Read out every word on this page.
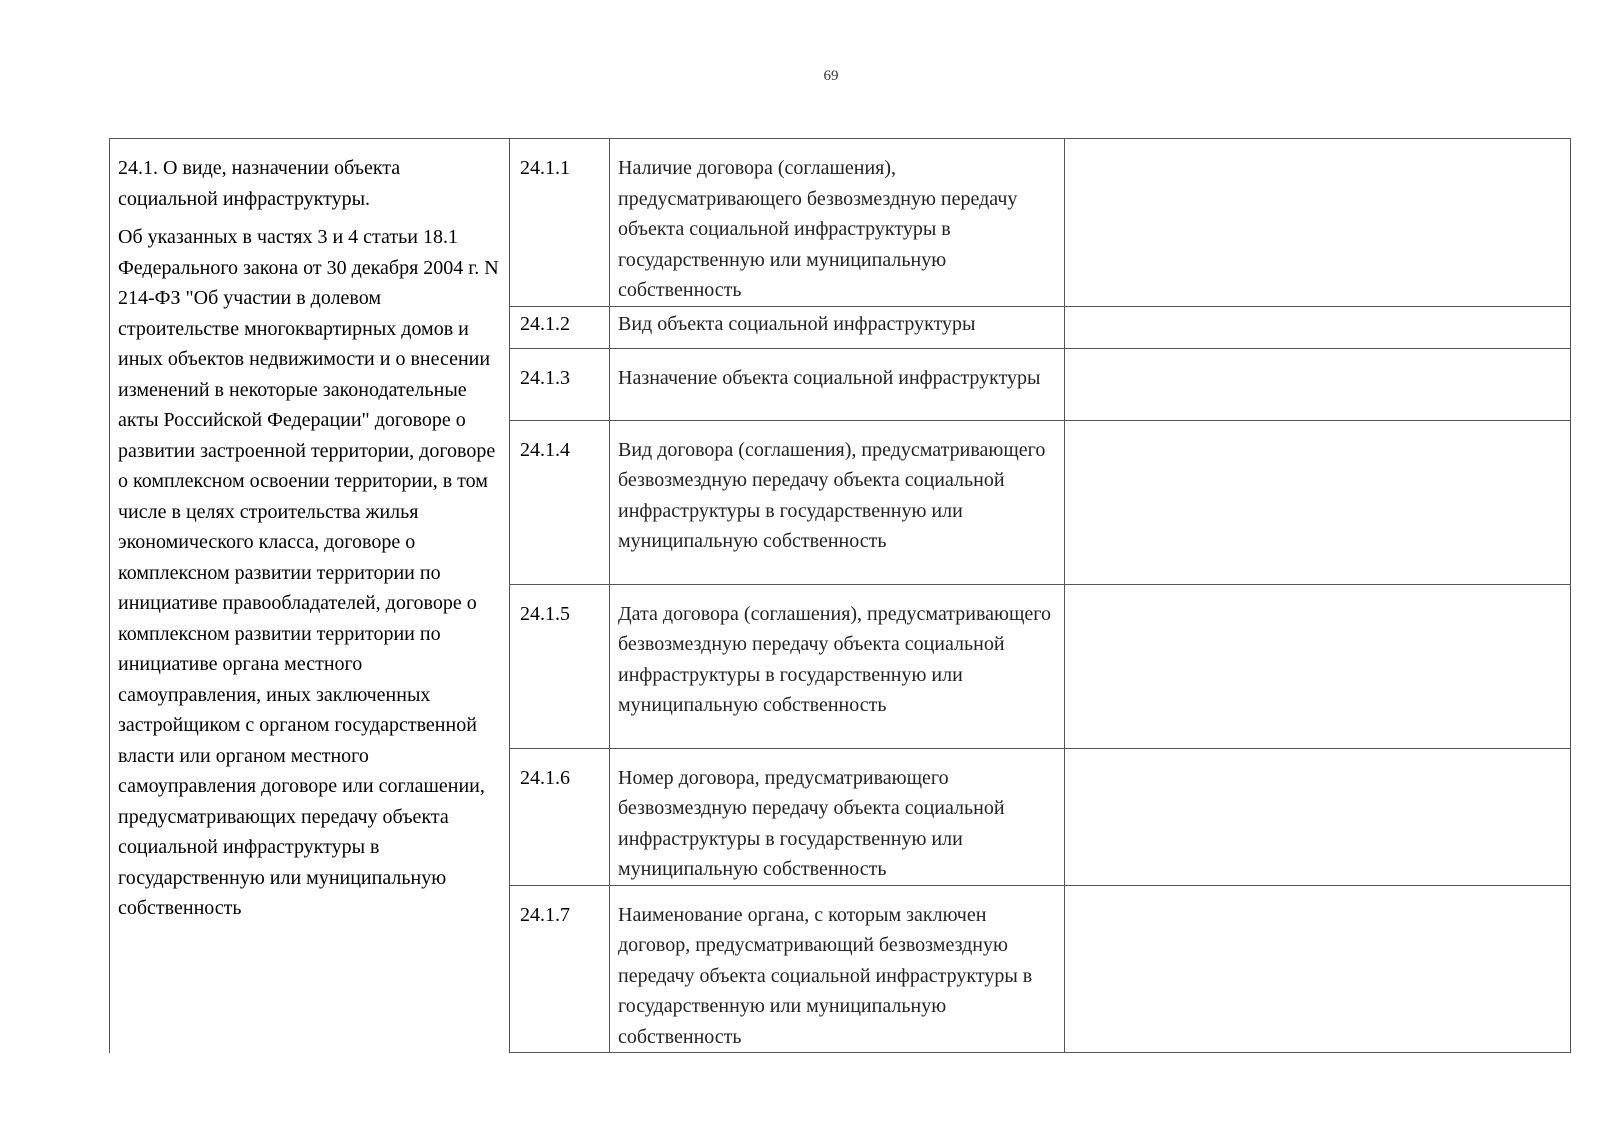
69

24.1. О виде, назначении объекта социальной инфраструктуры.

Об указанных в частях 3 и 4 статьи 18.1 Федерального закона от 30 декабря 2004 г. N 214-ФЗ "Об участии в долевом строительстве многоквартирных домов и иных объектов недвижимости и о внесении изменений в некоторые законодательные акты Российской Федерации" договоре о развитии застроенной территории, договоре о комплексном освоении территории, в том числе в целях строительства жилья экономического класса, договоре о комплексном развитии территории по инициативе правообладателей, договоре о комплексном развитии территории по инициативе органа местного самоуправления, иных заключенных застройщиком с органом государственной власти или органом местного самоуправления договоре или соглашении, предусматривающих передачу объекта социальной инфраструктуры в государственную или муниципальную собственность	24.1.1	Наличие договора (соглашения), предусматривающего безвозмездную передачу объекта социальной инфраструктуры в государственную или муниципальную собственность	
	24.1.2	Вид объекта социальной инфраструктуры	
	24.1.3	Назначение объекта социальной инфраструктуры	
	24.1.4	Вид договора (соглашения), предусматривающего безвозмездную передачу объекта социальной инфраструктуры в государственную или муниципальную собственность	
	24.1.5	Дата договора (соглашения), предусматривающего безвозмездную передачу объекта социальной инфраструктуры в государственную или муниципальную собственность	
	24.1.6	Номер договора, предусматривающего безвозмездную передачу объекта социальной инфраструктуры в государственную или муниципальную собственность	
	24.1.7	Наименование органа, с которым заключен договор, предусматривающий безвозмездную передачу объекта социальной инфраструктуры в государственную или муниципальную собственность	
